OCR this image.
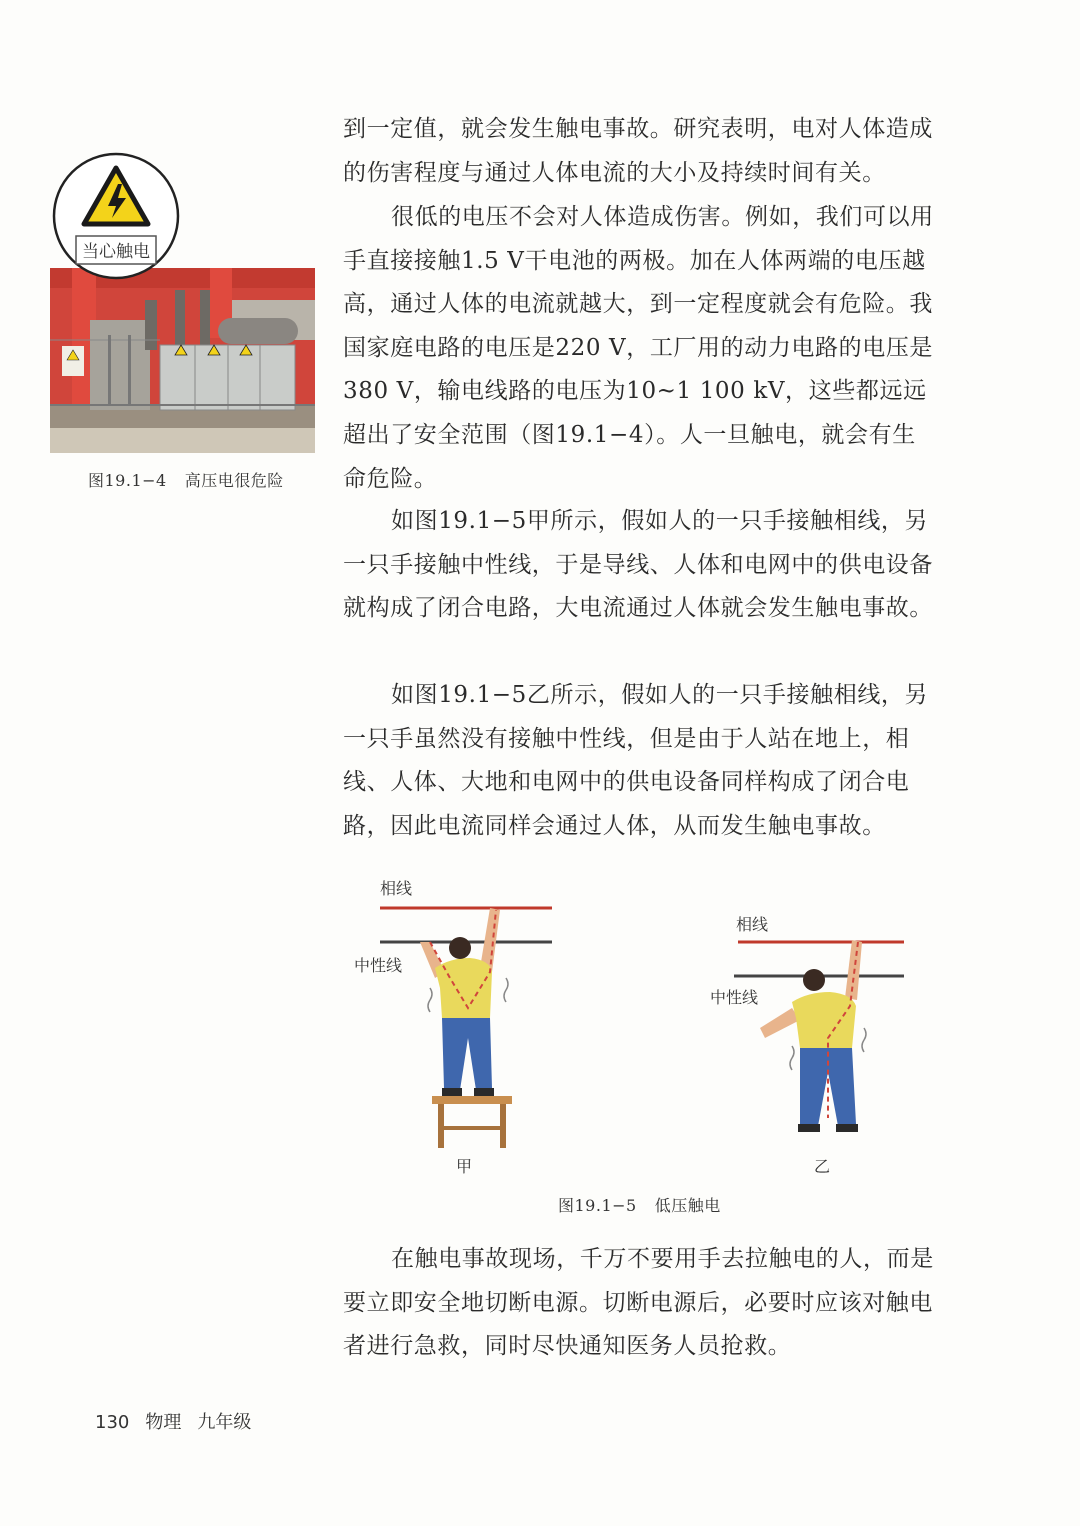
当心触电
图19.1−4 高压电很危险

到一定值，就会发生触电事故。研究表明，电对人体造成的伤害程度与通过人体电流的大小及持续时间有关。

很低的电压不会对人体造成伤害。例如，我们可以用手直接接触1.5 V干电池的两极。加在人体两端的电压越高，通过人体的电流就越大，到一定程度就会有危险。我国家庭电路的电压是220 V，工厂用的动力电路的电压是380 V，输电线路的电压为10~1 100 kV，这些都远远超出了安全范围（图19.1−4）。人一旦触电，就会有生命危险。

如图19.1−5甲所示，假如人的一只手接触相线，另一只手接触中性线，于是导线、人体和电网中的供电设备就构成了闭合电路，大电流通过人体就会发生触电事故。

如图19.1−5乙所示，假如人的一只手接触相线，另一只手虽然没有接触中性线，但是由于人站在地上，相线、人体、大地和电网中的供电设备同样构成了闭合电路，因此电流同样会通过人体，从而发生触电事故。

相线
中性线
甲
相线
中性线
乙
图19.1−5 低压触电

在触电事故现场，千万不要用手去拉触电的人，而是要立即安全地切断电源。切断电源后，必要时应该对触电者进行急救，同时尽快通知医务人员抢救。

130 物理 九年级
